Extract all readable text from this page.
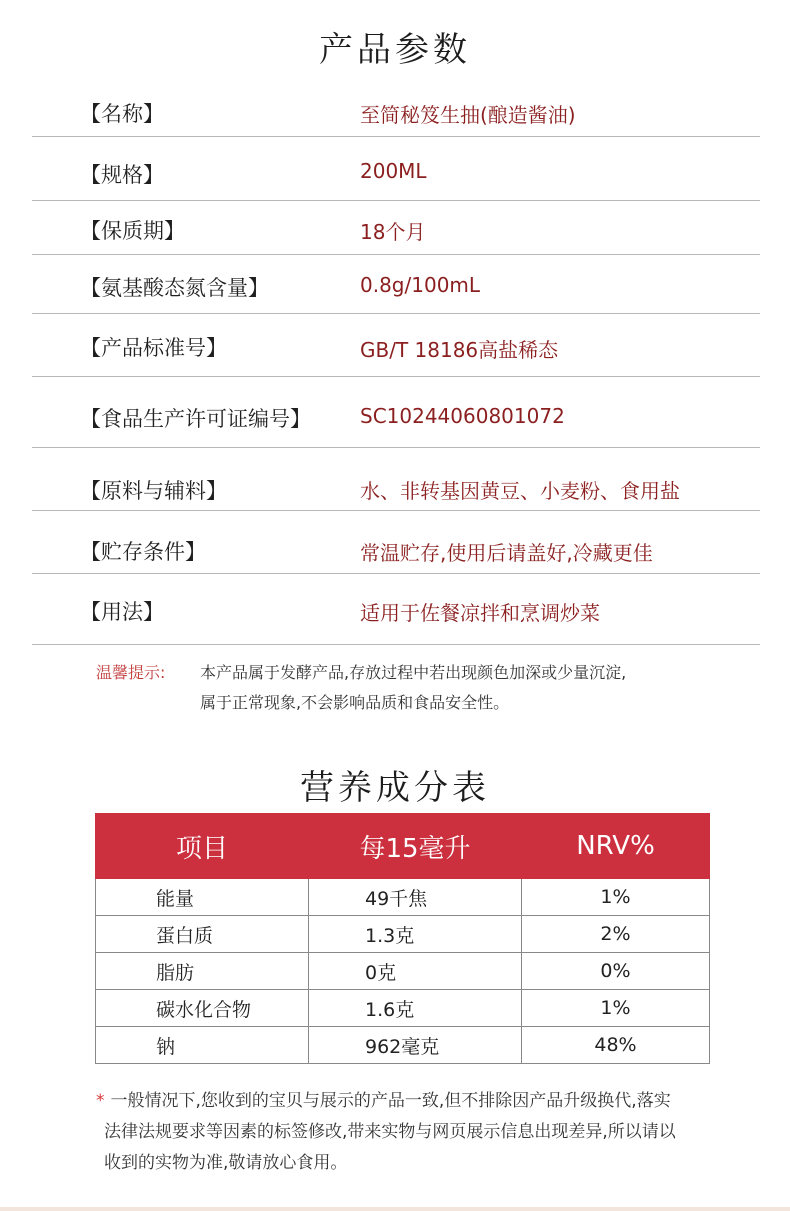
产品参数
【名称】	至简秘笈生抽(酿造酱油)
【规格】	200ML
【保质期】	18个月
【氨基酸态氮含量】	0.8g/100mL
【产品标准号】	GB/T 18186高盐稀态
【食品生产许可证编号】 SC10244060801072
【原料与辅料】	水、非转基因黄豆、小麦粉、食用盐
【贮存条件】	常温贮存,使用后请盖好,冷藏更佳
【用法】	适用于佐餐凉拌和烹调炒菜
温馨提示: 本产品属于发酵产品,存放过程中若出现颜色加深或少量沉淀,
属于正常现象,不会影响品质和食品安全性。
营养成分表
项目	每15毫升	NRV%
能量	49千焦	1%
蛋白质	1.3克	2%
脂肪	0克	0%
碳水化合物	1.6克	1%
钠	962毫克	48%
* 一般情况下,您收到的宝贝与展示的产品一致,但不排除因产品升级换代,落实
法律法规要求等因素的标签修改,带来实物与网页展示信息出现差异,所以请以
收到的实物为准,敬请放心食用。
